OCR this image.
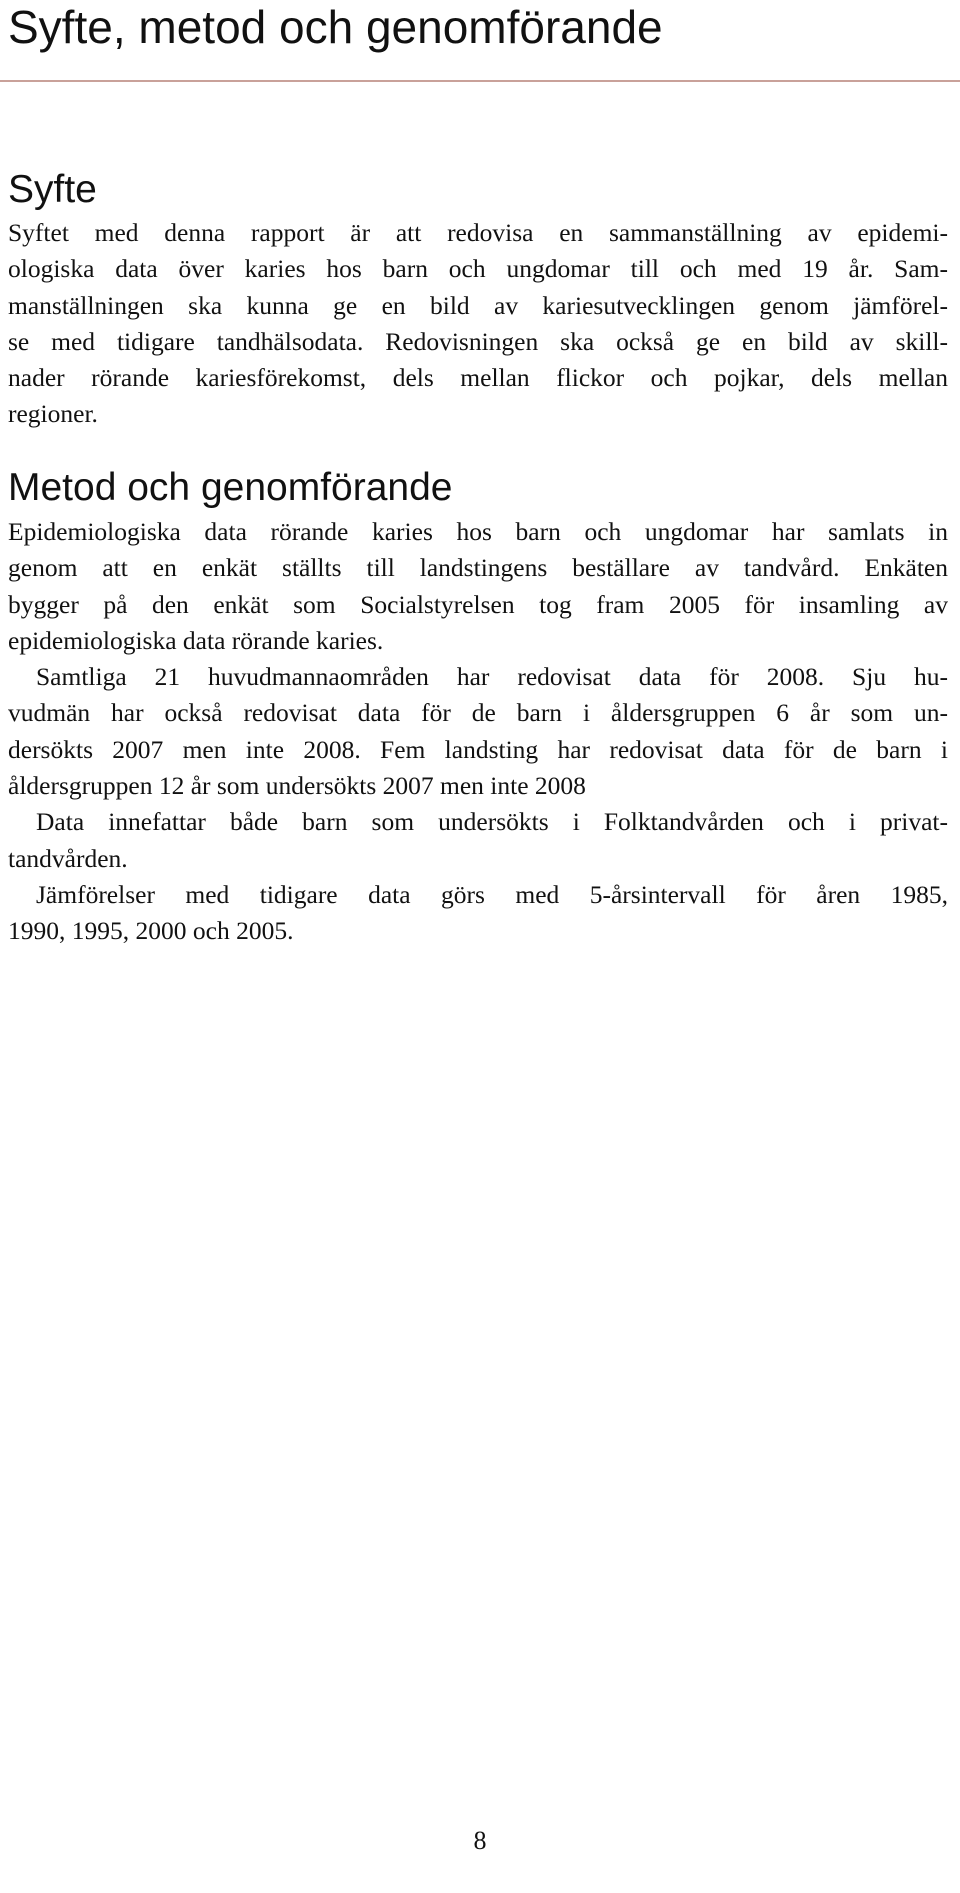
Syfte, metod och genomförande
Syfte
Syftet med denna rapport är att redovisa en sammanställning av epidemi-
ologiska data över karies hos barn och ungdomar till och med 19 år. Sam-
manställningen ska kunna ge en bild av kariesutvecklingen genom jämförel-
se med tidigare tandhälsodata. Redovisningen ska också ge en bild av skill-
nader rörande kariesförekomst, dels mellan flickor och pojkar, dels mellan
regioner.
Metod och genomförande
Epidemiologiska data rörande karies hos barn och ungdomar har samlats in
genom att en enkät ställts till landstingens beställare av tandvård. Enkäten
bygger på den enkät som Socialstyrelsen tog fram 2005 för insamling av
epidemiologiska data rörande karies.
Samtliga 21 huvudmannaområden har redovisat data för 2008. Sju hu-
vudmän har också redovisat data för de barn i åldersgruppen 6 år som un-
dersökts 2007 men inte 2008. Fem landsting har redovisat data för de barn i
åldersgruppen 12 år som undersökts 2007 men inte 2008
Data innefattar både barn som undersökts i Folktandvården och i privat-
tandvården.
Jämförelser med tidigare data görs med 5-årsintervall för åren 1985,
1990, 1995, 2000 och 2005.
8
